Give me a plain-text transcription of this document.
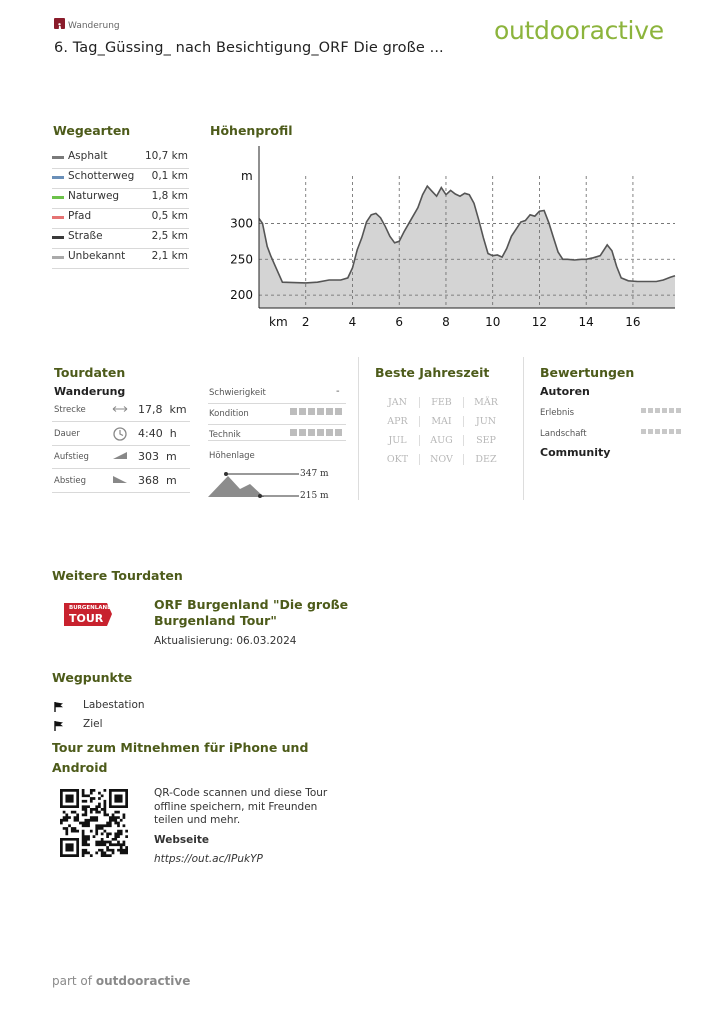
Wanderung
6. Tag_Güssing_ nach Besichtigung_ORF Die große ...
outdooractive
Wegearten
Asphalt	10,7 km
Schotterweg 0,1 km
Naturweg	1,8 km
Pfad	0,5 km
Straße	2,5 km
Unbekannt	2,1 km
Höhenprofil
200
250
300
2	4	6	8	10	12	14	16
m
km
Tourdaten
Wanderung
Strecke	17,8 km
Dauer	4:40 h
Aufstieg	303 m
Abstieg	368 m
Schwierigkeit	-
Kondition
Technik
Höhenlage
347 m
215 m
Beste Jahreszeit
JAN	FEB	MÄR
APR	MAI	JUN
JUL	AUG	SEP
OKT	NOV	DEZ
Bewertungen
Autoren
Erlebnis
Landschaft
Community
Weitere Tourdaten
BURGENLAND
TOUR
ORF Burgenland "Die große Burgenland Tour"
Aktualisierung: 06.03.2024
Wegpunkte
Labestation
Ziel
Tour zum Mitnehmen für iPhone und Android
QR-Code scannen und diese Tour offline speichern, mit Freunden teilen und mehr.
Webseite
https://out.ac/IPukYP
part of outdooractive
